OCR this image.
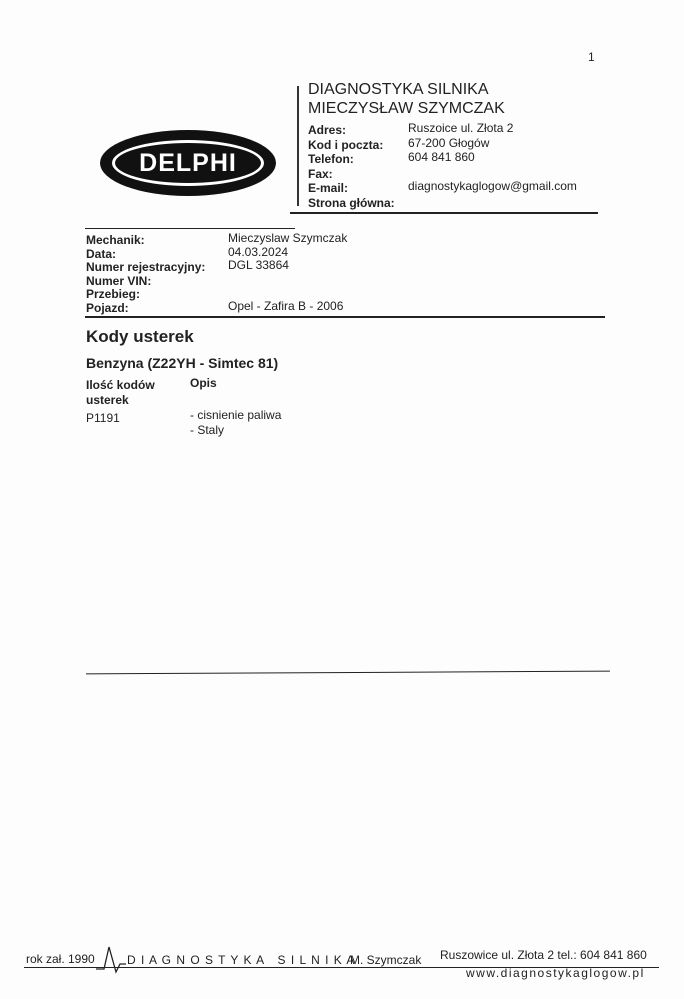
1
DELPHI
DIAGNOSTYKA SILNIKA
MIECZYSŁAW SZYMCZAK
Adres:	Ruszoice ul. Złota 2
Kod i poczta: 67-200 Głogów
Telefon:	604 841 860
Fax:
E-mail:	diagnostykaglogow@gmail.com
Strona główna:
Mechanik:	Mieczyslaw Szymczak
Data:	04.03.2024
Numer rejestracyjny: DGL 33864
Numer VIN:
Przebieg:
Pojazd:	Opel - Zafira B - 2006
Kody usterek
Benzyna (Z22YH - Simtec 81)
Ilość kodów usterek
Opis
P1191	- cisnienie paliwa
- Staly
rok zał. 1990	D I A G N O S T Y K A   S I L N I K A
M. Szymczak Ruszowice ul. Złota 2 tel.: 604 841 860
www.diagnostykaglogow.pl
